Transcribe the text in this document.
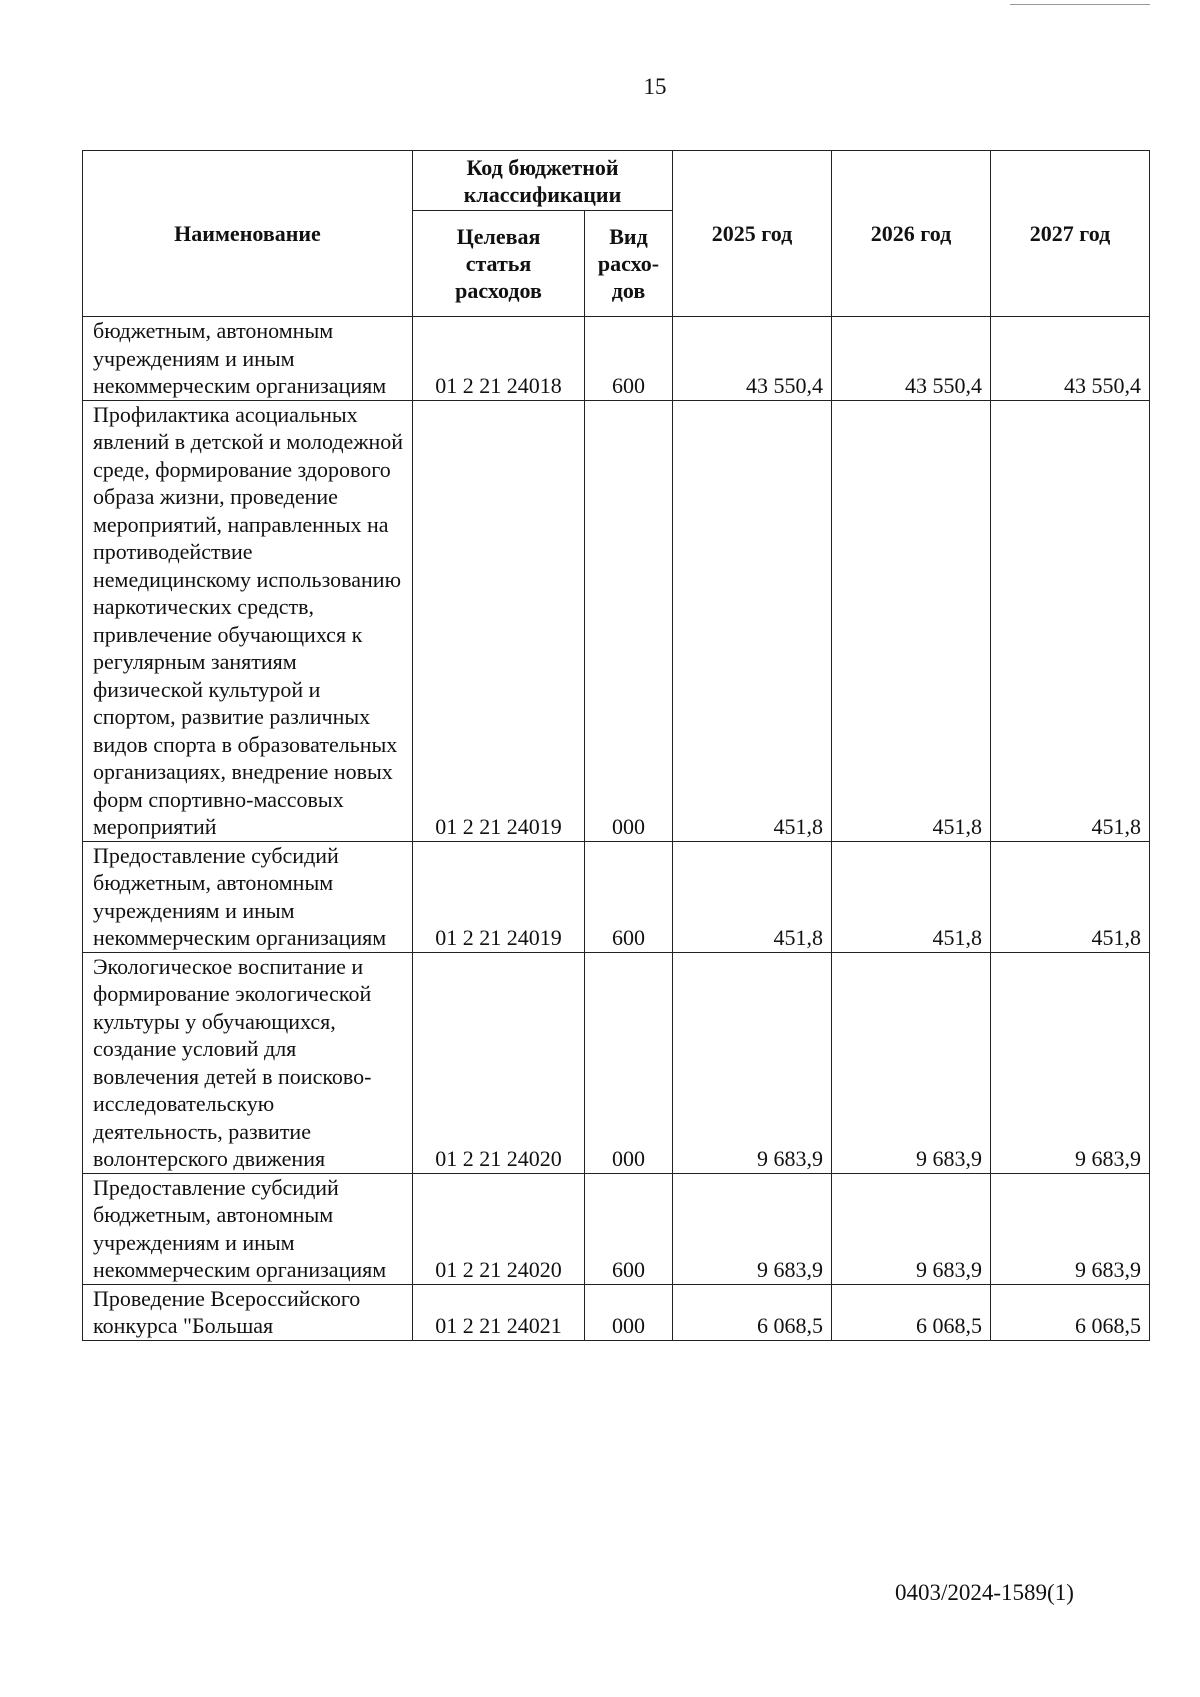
15
Наименование	Код бюджетной классификации		2025 год	2026 год	2027 год
	Целевая статья расходов	Вид расхо-дов			
бюджетным, автономным учреждениям и иным некоммерческим организациям	01 2 21 24018	600	43 550,4	43 550,4	43 550,4
Профилактика асоциальных явлений в детской и молодежной среде, формирование здорового образа жизни, проведение мероприятий, направленных на противодействие немедицинскому использованию наркотических средств, привлечение обучающихся к регулярным занятиям физической культурой и спортом, развитие различных видов спорта в образовательных организациях, внедрение новых форм спортивно-массовых мероприятий	01 2 21 24019	000	451,8	451,8	451,8
Предоставление субсидий бюджетным, автономным учреждениям и иным некоммерческим организациям	01 2 21 24019	600	451,8	451,8	451,8
Экологическое воспитание и формирование экологической культуры у обучающихся, создание условий для вовлечения детей в поисково-исследовательскую деятельность, развитие волонтерского движения	01 2 21 24020	000	9 683,9	9 683,9	9 683,9
Предоставление субсидий бюджетным, автономным учреждениям и иным некоммерческим организациям	01 2 21 24020	600	9 683,9	9 683,9	9 683,9
Проведение Всероссийского конкурса "Большая	01 2 21 24021	000	6 068,5	6 068,5	6 068,5
0403/2024-1589(1)
